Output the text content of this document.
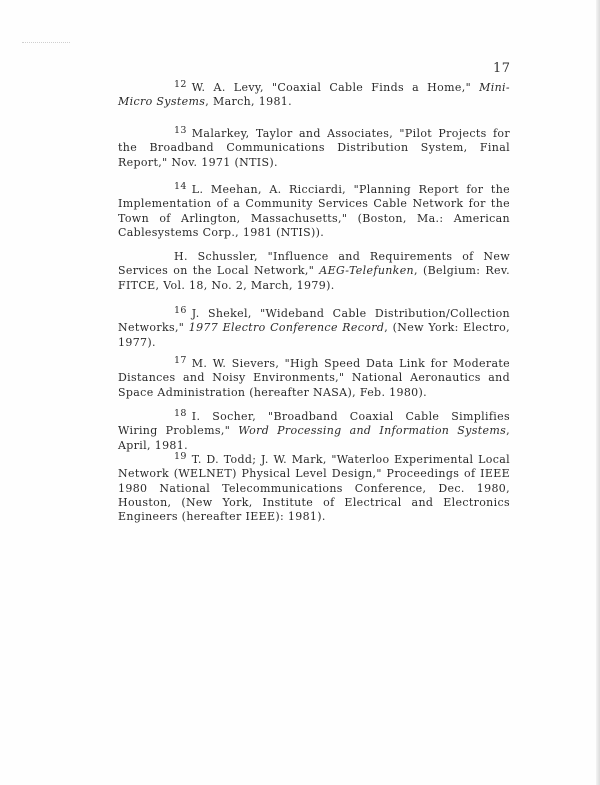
17

12 W. A. Levy, "Coaxial Cable Finds a Home," Mini-Micro Systems, March, 1981.

13 Malarkey, Taylor and Associates, "Pilot Projects for the Broadband Communications Distribution System, Final Report," Nov. 1971 (NTIS).

14 L. Meehan, A. Ricciardi, "Planning Report for the Implementation of a Community Services Cable Network for the Town of Arlington, Massachusetts," (Boston, Ma.: American Cablesystems Corp., 1981 (NTIS)).

H. Schussler, "Influence and Requirements of New Services on the Local Network," AEG-Telefunken, (Belgium: Rev. FITCE, Vol. 18, No. 2, March, 1979).

16 J. Shekel, "Wideband Cable Distribution/Collection Networks," 1977 Electro Conference Record, (New York: Electro, 1977).

17 M. W. Sievers, "High Speed Data Link for Moderate Distances and Noisy Environments," National Aeronautics and Space Administration (hereafter NASA), Feb. 1980).

18 I. Socher, "Broadband Coaxial Cable Simplifies Wiring Problems," Word Processing and Information Systems, April, 1981.

19 T. D. Todd; J. W. Mark, "Waterloo Experimental Local Network (WELNET) Physical Level Design," Proceedings of IEEE 1980 National Telecommunications Conference, Dec. 1980, Houston, (New York, Institute of Electrical and Electronics Engineers (hereafter IEEE): 1981).
